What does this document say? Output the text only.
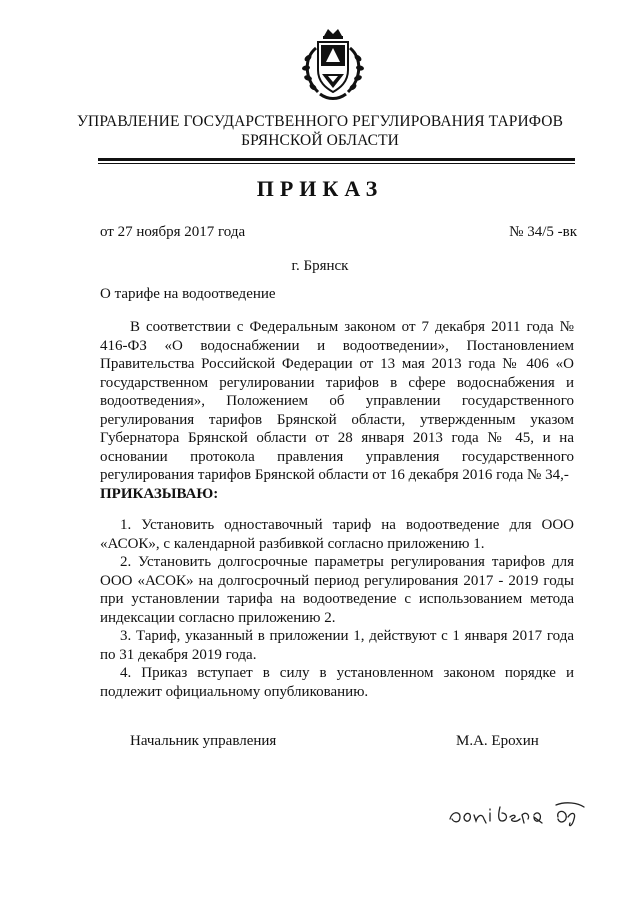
УПРАВЛЕНИЕ ГОСУДАРСТВЕННОГО РЕГУЛИРОВАНИЯ ТАРИФОВ
БРЯНСКОЙ ОБЛАСТИ
ПРИКАЗ
от 27 ноября 2017 года	№ 34/5 -вк
г. Брянск
О тарифе на водоотведение

В соответствии с Федеральным законом от 7 декабря 2011 года № 416-ФЗ «О водоснабжении и водоотведении», Постановлением Правительства Российской Федерации от 13 мая 2013 года № 406 «О государственном регулировании тарифов в сфере водоснабжения и водоотведения», Положением об управлении государственного регулирования тарифов Брянской области, утвержденным указом Губернатора Брянской области от 28 января 2013 года № 45, и на основании протокола правления управления государственного регулирования тарифов Брянской области от 16 декабря 2016 года № 34,-

ПРИКАЗЫВАЮ:

1. Установить одноставочный тариф на водоотведение для ООО «АСОК», с календарной разбивкой согласно приложению 1.

2. Установить долгосрочные параметры регулирования тарифов для ООО «АСОК» на долгосрочный период регулирования 2017 - 2019 годы при установлении тарифа на водоотведение с использованием метода индексации согласно приложению 2.

3. Тариф, указанный в приложении 1, действуют с 1 января 2017 года по 31 декабря 2019 года.

4. Приказ вступает в силу в установленном законом порядке и подлежит официальному опубликованию.

Начальник управления	М.А. Ерохин
